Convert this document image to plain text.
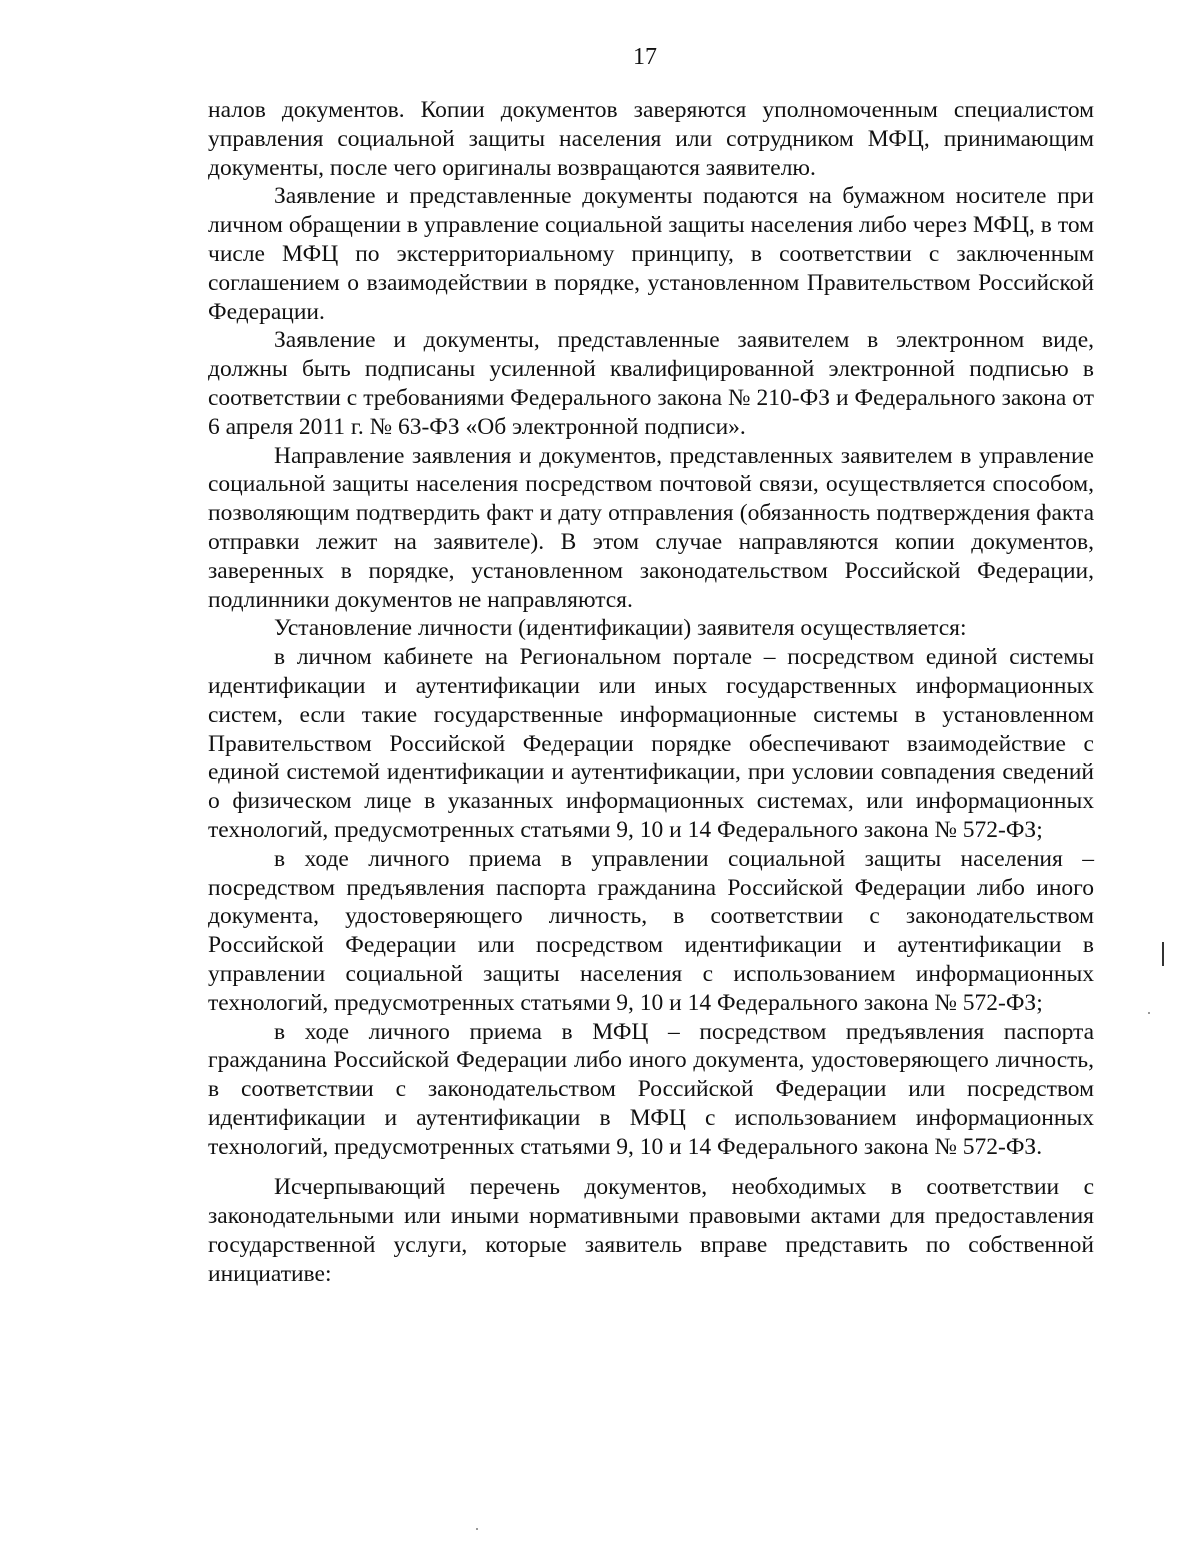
17

налов документов. Копии документов заверяются уполномоченным специалистом управления социальной защиты населения или сотрудником МФЦ, принимающим документы, после чего оригиналы возвращаются заявителю.

Заявление и представленные документы подаются на бумажном носителе при личном обращении в управление социальной защиты населения либо через МФЦ, в том числе МФЦ по экстерриториальному принципу, в соответствии с заключенным соглашением о взаимодействии в порядке, установленном Правительством Российской Федерации.

Заявление и документы, представленные заявителем в электронном виде, должны быть подписаны усиленной квалифицированной электронной подписью в соответствии с требованиями Федерального закона № 210-ФЗ и Федерального закона от 6 апреля 2011 г. № 63-ФЗ «Об электронной подписи».

Направление заявления и документов, представленных заявителем в управление социальной защиты населения посредством почтовой связи, осуществляется способом, позволяющим подтвердить факт и дату отправления (обязанность подтверждения факта отправки лежит на заявителе). В этом случае направляются копии документов, заверенных в порядке, установленном законодательством Российской Федерации, подлинники документов не направляются.

Установление личности (идентификации) заявителя осуществляется:

в личном кабинете на Региональном портале – посредством единой системы идентификации и аутентификации или иных государственных информационных систем, если такие государственные информационные системы в установленном Правительством Российской Федерации порядке обеспечивают взаимодействие с единой системой идентификации и аутентификации, при условии совпадения сведений о физическом лице в указанных информационных системах, или информационных технологий, предусмотренных статьями 9, 10 и 14 Федерального закона № 572-ФЗ;

в ходе личного приема в управлении социальной защиты населения – посредством предъявления паспорта гражданина Российской Федерации либо иного документа, удостоверяющего личность, в соответствии с законодательством Российской Федерации или посредством идентификации и аутентификации в управлении социальной защиты населения с использованием информационных технологий, предусмотренных статьями 9, 10 и 14 Федерального закона № 572-ФЗ;

в ходе личного приема в МФЦ – посредством предъявления паспорта гражданина Российской Федерации либо иного документа, удостоверяющего личность, в соответствии с законодательством Российской Федерации или посредством идентификации и аутентификации в МФЦ с использованием информационных технологий, предусмотренных статьями 9, 10 и 14 Федерального закона № 572-ФЗ.

Исчерпывающий перечень документов, необходимых в соответствии с законодательными или иными нормативными правовыми актами для предоставления государственной услуги, которые заявитель вправе представить по собственной инициативе:
